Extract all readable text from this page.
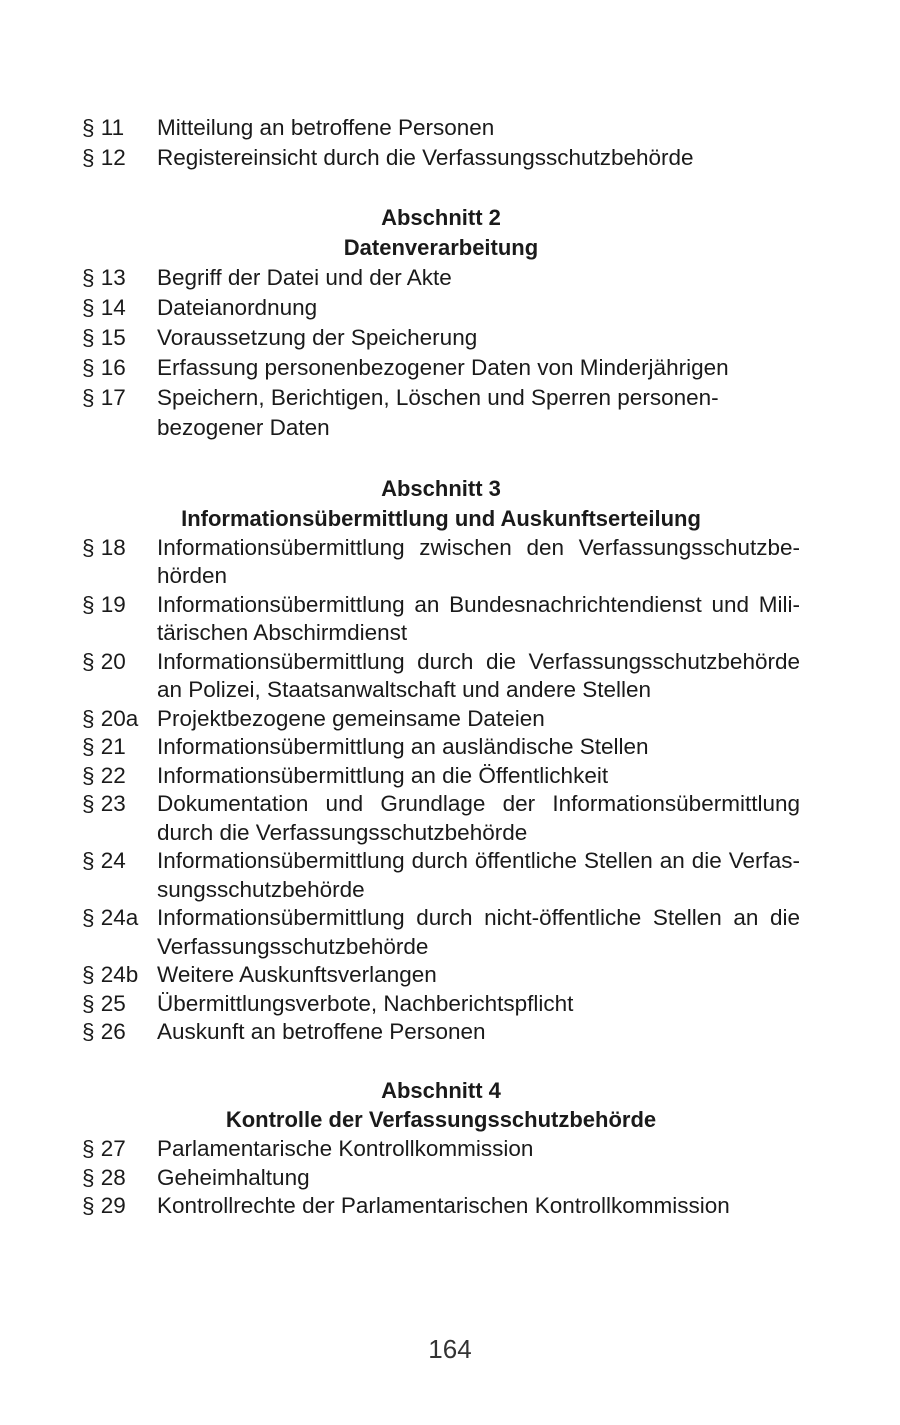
§ 11	Mitteilung an betroffene Personen
§ 12	Registereinsicht durch die Verfassungsschutzbehörde
Abschnitt 2
Datenverarbeitung
§ 13	Begriff der Datei und der Akte
§ 14	Dateianordnung
§ 15	Voraussetzung der Speicherung
§ 16	Erfassung personenbezogener Daten von Minderjährigen
§ 17	Speichern, Berichtigen, Löschen und Sperren personen-bezogener Daten
Abschnitt 3
Informationsübermittlung und Auskunftserteilung
§ 18	Informationsübermittlung zwischen den Verfassungsschutzbe-hörden
§ 19	Informationsübermittlung an Bundesnachrichtendienst und Mili-tärischen Abschirmdienst
§ 20	Informationsübermittlung durch die Verfassungsschutzbehörde an Polizei, Staatsanwaltschaft und andere Stellen
§ 20a Projektbezogene gemeinsame Dateien
§ 21	Informationsübermittlung an ausländische Stellen
§ 22	Informationsübermittlung an die Öffentlichkeit
§ 23	Dokumentation und Grundlage der Informationsübermittlung durch die Verfassungsschutzbehörde
§ 24	Informationsübermittlung durch öffentliche Stellen an die Verfas-sungsschutzbehörde
§ 24a Informationsübermittlung durch nicht-öffentliche Stellen an die Verfassungsschutzbehörde
§ 24b Weitere Auskunftsverlangen
§ 25	Übermittlungsverbote, Nachberichtspflicht
§ 26	Auskunft an betroffene Personen
Abschnitt 4
Kontrolle der Verfassungsschutzbehörde
§ 27	Parlamentarische Kontrollkommission
§ 28	Geheimhaltung
§ 29	Kontrollrechte der Parlamentarischen Kontrollkommission
164
